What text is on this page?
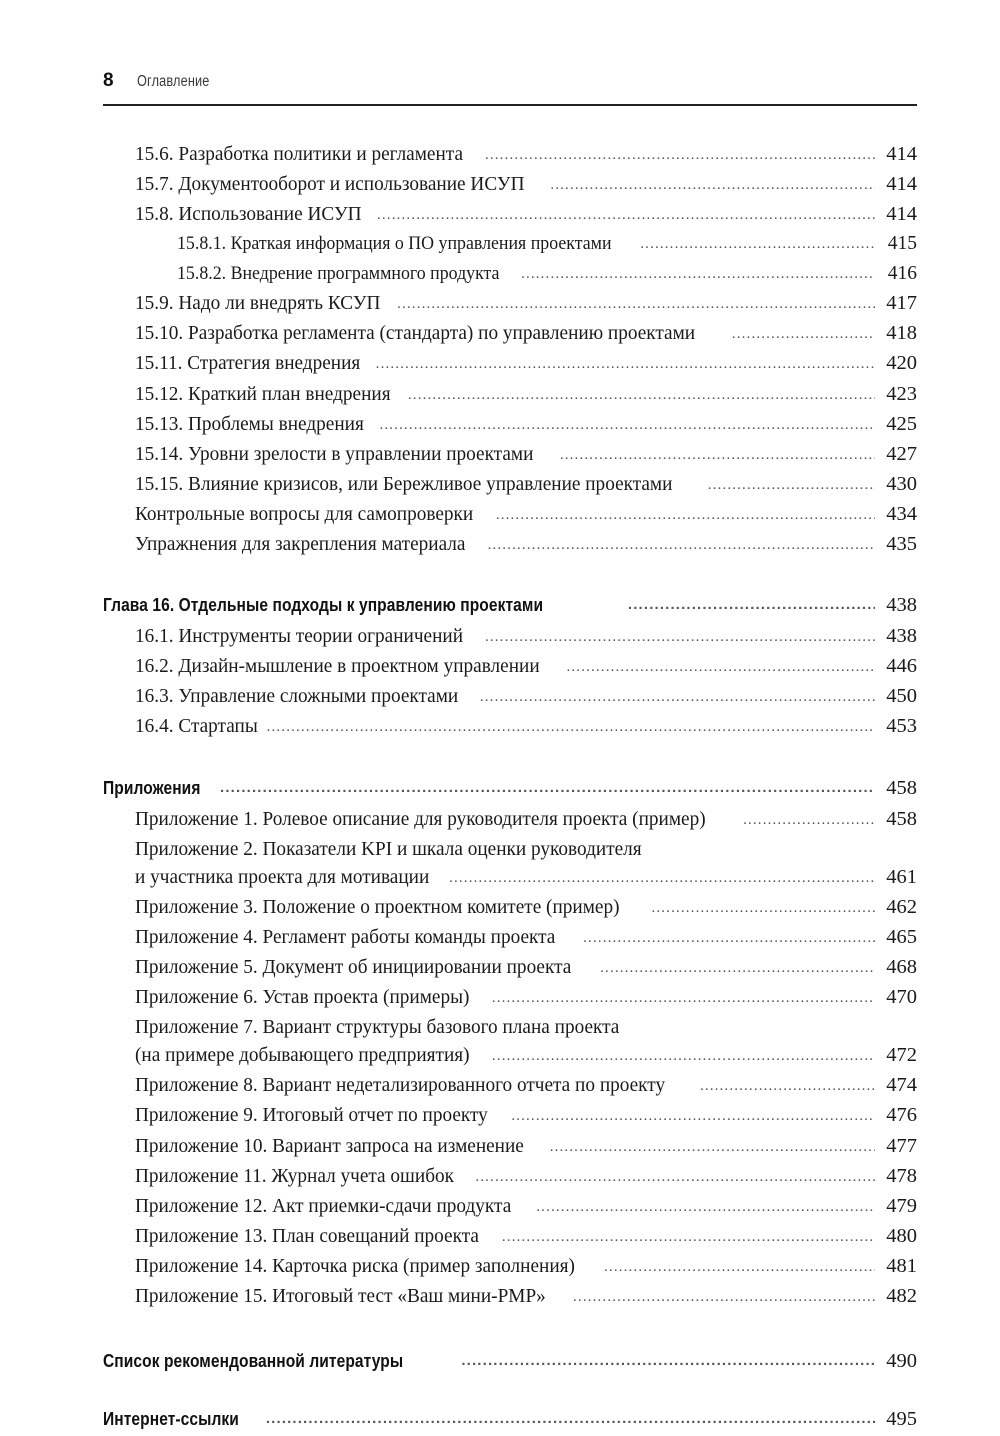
8	Оглавление
15.6. Разработка политики и регламента .....	414
15.7. Документооборот и использование ИСУП .....	414
15.8. Использование ИСУП .....	414
15.8.1. Краткая информация о ПО управления проектами .....	415
15.8.2. Внедрение программного продукта .....	416
15.9. Надо ли внедрять КСУП .....	417
15.10. Разработка регламента (стандарта) по управлению проектами .....	418
15.11. Стратегия внедрения .....	420
15.12. Краткий план внедрения .....	423
15.13. Проблемы внедрения .....	425
15.14. Уровни зрелости в управлении проектами .....	427
15.15. Влияние кризисов, или Бережливое управление проектами .....	430
Контрольные вопросы для самопроверки .....	434
Упражнения для закрепления материала .....	435
Глава 16. Отдельные подходы к управлению проектами .....	438
16.1. Инструменты теории ограничений .....	438
16.2. Дизайн-мышление в проектном управлении .....	446
16.3. Управление сложными проектами .....	450
16.4. Стартапы .....	453
Приложения .....	458
Приложение 1. Ролевое описание для руководителя проекта (пример) .....	458
Приложение 2. Показатели KPI и шкала оценки руководителя
и участника проекта для мотивации .....	461
Приложение 3. Положение о проектном комитете (пример) .....	462
Приложение 4. Регламент работы команды проекта .....	465
Приложение 5. Документ об инициировании проекта .....	468
Приложение 6. Устав проекта (примеры) .....	470
Приложение 7. Вариант структуры базового плана проекта
(на примере добывающего предприятия) .....	472
Приложение 8. Вариант недетализированного отчета по проекту .....	474
Приложение 9. Итоговый отчет по проекту .....	476
Приложение 10. Вариант запроса на изменение .....	477
Приложение 11. Журнал учета ошибок .....	478
Приложение 12. Акт приемки-сдачи продукта .....	479
Приложение 13. План совещаний проекта .....	480
Приложение 14. Карточка риска (пример заполнения) .....	481
Приложение 15. Итоговый тест «Ваш мини-PMP» .....	482
Список рекомендованной литературы .....	490
Интернет-ссылки .....	495
